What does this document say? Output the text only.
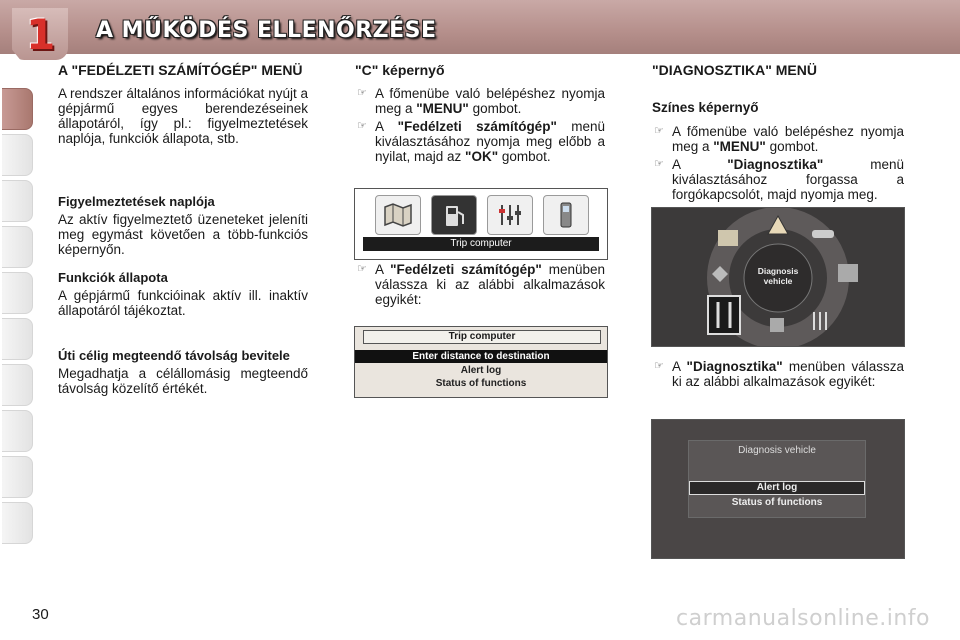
1 A MŰKÖDÉS ELLENŐRZÉSE
A "FEDÉLZETI SZÁMÍTÓGÉP" MENÜ

A rendszer általános információkat nyújt a gépjármű egyes berendezéseinek állapotáról, így pl.: figyelmeztetések naplója, funkciók állapota, stb.

Figyelmeztetések naplója

Az aktív figyelmeztető üzeneteket jeleníti meg egymást követően a több-funkciós képernyőn.

Funkciók állapota

A gépjármű funkcióinak aktív ill. inaktív állapotáról tájékoztat.

Úti célig megteendő távolság bevitele

Megadhatja a célállomásig megteendő távolság közelítő értékét.

"C" képernyő
☞ A főmenübe való belépéshez nyomja meg a "MENU" gombot.
☞ A "Fedélzeti számítógép" menü kiválasztásához nyomja meg előbb a nyilat, majd az "OK" gombot.
☞ A "Fedélzeti számítógép" menüben válassza ki az alábbi alkalmazások egyikét:
Trip computer
Trip computer
Enter distance to destination
Alert log
Status of functions
"DIAGNOSZTIKA" MENÜ
Színes képernyő
☞ A főmenübe való belépéshez nyomja meg a "MENU" gombot.
☞ A "Diagnosztika" menü kiválasztásához forgassa a forgókapcsolót, majd nyomja meg.
☞ A "Diagnosztika" menüben válassza ki az alábbi alkalmazások egyikét:
Diagnosis vehicle
Diagnosis vehicle
Alert log
Status of functions
30	carmanualsonline.info
